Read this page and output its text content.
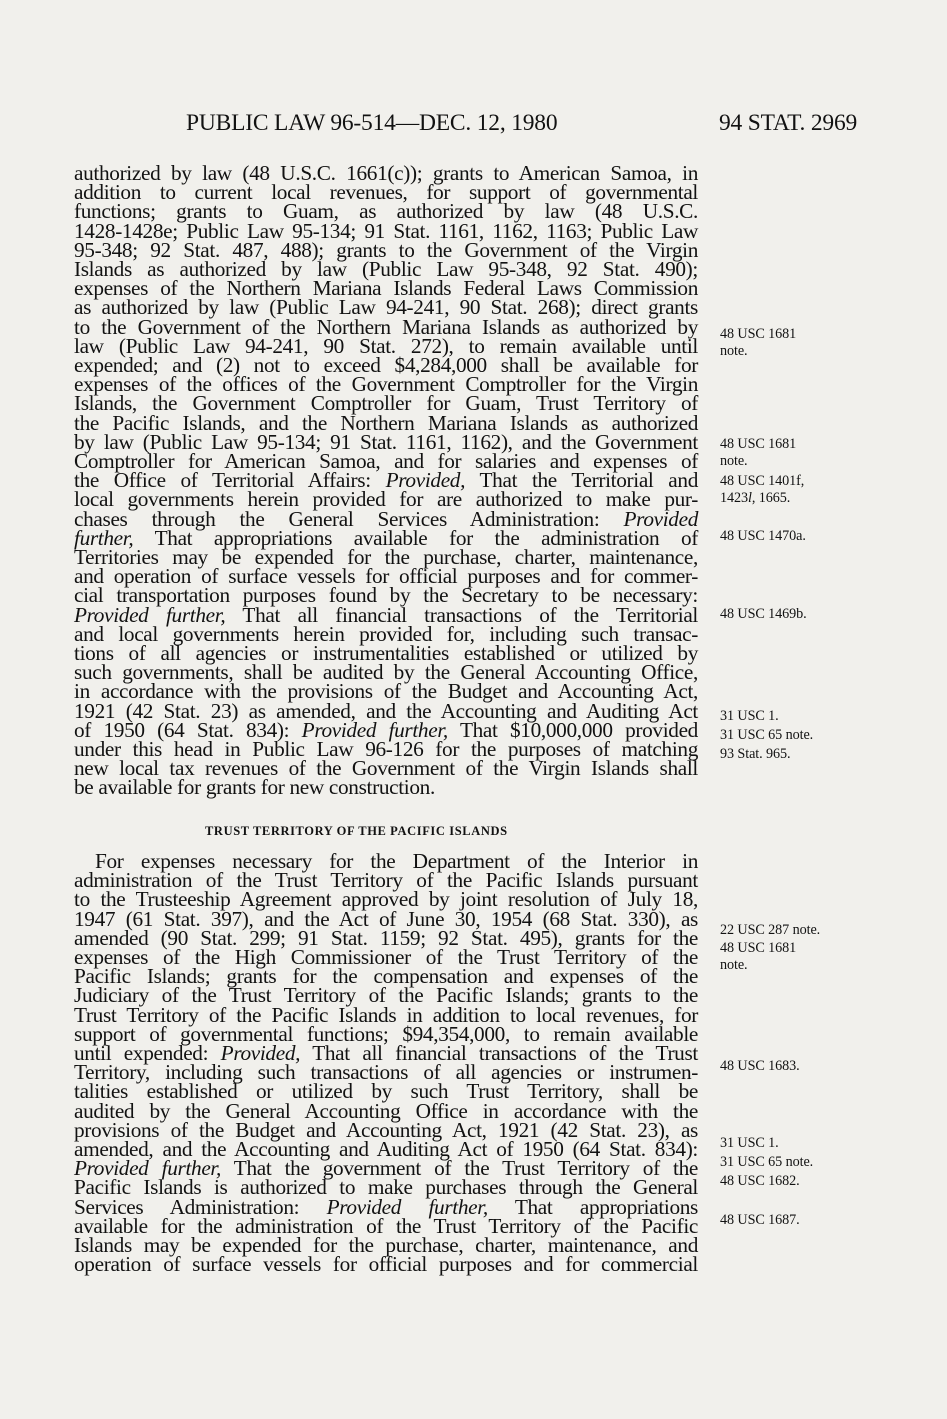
PUBLIC LAW 96-514—DEC. 12, 1980	94 STAT. 2969
authorized by law (48 U.S.C. 1661(c)); grants to American Samoa, in
addition to current local revenues, for support of governmental
functions; grants to Guam, as authorized by law (48 U.S.C.
1428-1428e; Public Law 95-134; 91 Stat. 1161, 1162, 1163; Public Law
95-348; 92 Stat. 487, 488); grants to the Government of the Virgin
Islands as authorized by law (Public Law 95-348, 92 Stat. 490);
expenses of the Northern Mariana Islands Federal Laws Commission
as authorized by law (Public Law 94-241, 90 Stat. 268); direct grants
to the Government of the Northern Mariana Islands as authorized by
law (Public Law 94-241, 90 Stat. 272), to remain available until
expended; and (2) not to exceed $4,284,000 shall be available for
expenses of the offices of the Government Comptroller for the Virgin
Islands, the Government Comptroller for Guam, Trust Territory of
the Pacific Islands, and the Northern Mariana Islands as authorized
by law (Public Law 95-134; 91 Stat. 1161, 1162), and the Government
Comptroller for American Samoa, and for salaries and expenses of
the Office of Territorial Affairs: Provided, That the Territorial and
local governments herein provided for are authorized to make pur-
chases through the General Services Administration: Provided
further, That appropriations available for the administration of
Territories may be expended for the purchase, charter, maintenance,
and operation of surface vessels for official purposes and for commer-
cial transportation purposes found by the Secretary to be necessary:
Provided further, That all financial transactions of the Territorial
and local governments herein provided for, including such transac-
tions of all agencies or instrumentalities established or utilized by
such governments, shall be audited by the General Accounting Office,
in accordance with the provisions of the Budget and Accounting Act,
1921 (42 Stat. 23) as amended, and the Accounting and Auditing Act
of 1950 (64 Stat. 834): Provided further, That $10,000,000 provided
under this head in Public Law 96-126 for the purposes of matching
new local tax revenues of the Government of the Virgin Islands shall
be available for grants for new construction.
TRUST TERRITORY OF THE PACIFIC ISLANDS
For expenses necessary for the Department of the Interior in
administration of the Trust Territory of the Pacific Islands pursuant
to the Trusteeship Agreement approved by joint resolution of July 18,
1947 (61 Stat. 397), and the Act of June 30, 1954 (68 Stat. 330), as
amended (90 Stat. 299; 91 Stat. 1159; 92 Stat. 495), grants for the
expenses of the High Commissioner of the Trust Territory of the
Pacific Islands; grants for the compensation and expenses of the
Judiciary of the Trust Territory of the Pacific Islands; grants to the
Trust Territory of the Pacific Islands in addition to local revenues, for
support of governmental functions; $94,354,000, to remain available
until expended: Provided, That all financial transactions of the Trust
Territory, including such transactions of all agencies or instrumen-
talities established or utilized by such Trust Territory, shall be
audited by the General Accounting Office in accordance with the
provisions of the Budget and Accounting Act, 1921 (42 Stat. 23), as
amended, and the Accounting and Auditing Act of 1950 (64 Stat. 834):
Provided further, That the government of the Trust Territory of the
Pacific Islands is authorized to make purchases through the General
Services Administration: Provided further, That appropriations
available for the administration of the Trust Territory of the Pacific
Islands may be expended for the purchase, charter, maintenance, and
operation of surface vessels for official purposes and for commercial
48 USC 1681
note.
48 USC 1681
note.
48 USC 1401f,
1423l, 1665.
48 USC 1470a.
48 USC 1469b.
31 USC 1.
31 USC 65 note.
93 Stat. 965.
22 USC 287 note.
48 USC 1681
note.
48 USC 1683.
31 USC 1.
31 USC 65 note.
48 USC 1682.
48 USC 1687.
